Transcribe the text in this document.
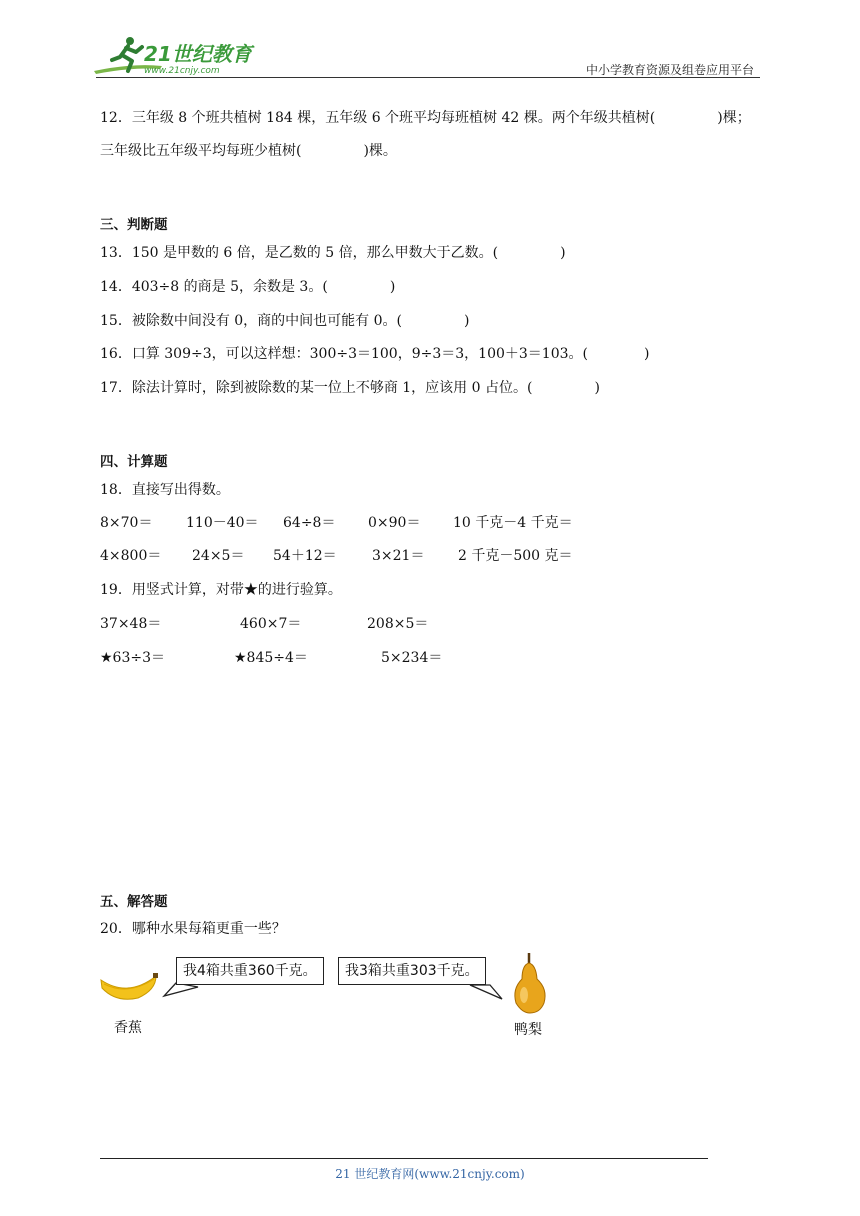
21世纪教育
www.21cnjy.com	中小学教育资源及组卷应用平台
12．三年级 8 个班共植树 184 棵，五年级 6 个班平均每班植树 42 棵。两个年级共植树(	)棵；
三年级比五年级平均每班少植树(	)棵。
三、判断题
13．150 是甲数的 6 倍，是乙数的 5 倍，那么甲数大于乙数。(	)
14．403÷8 的商是 5，余数是 3。(	)
15．被除数中间没有 0，商的中间也可能有 0。(	)
16．口算 309÷3，可以这样想：300÷3＝100，9÷3＝3，100＋3＝103。(	)
17．除法计算时，除到被除数的某一位上不够商 1，应该用 0 占位。(	)
四、计算题
18．直接写出得数。
8×70＝ 110－40＝ 64÷8＝ 0×90＝ 10 千克－4 千克＝
4×800＝ 24×5＝ 54＋12＝	3×21＝ 2 千克－500 克＝
19．用竖式计算，对带★的进行验算。
37×48＝	460×7＝	208×5＝
★63÷3＝	★845÷4＝	5×234＝
五、解答题
20．哪种水果每箱更重一些？
香蕉
我4箱共重360千克。	我3箱共重303千克。
鸭梨
21 世纪教育网(www.21cnjy.com)
